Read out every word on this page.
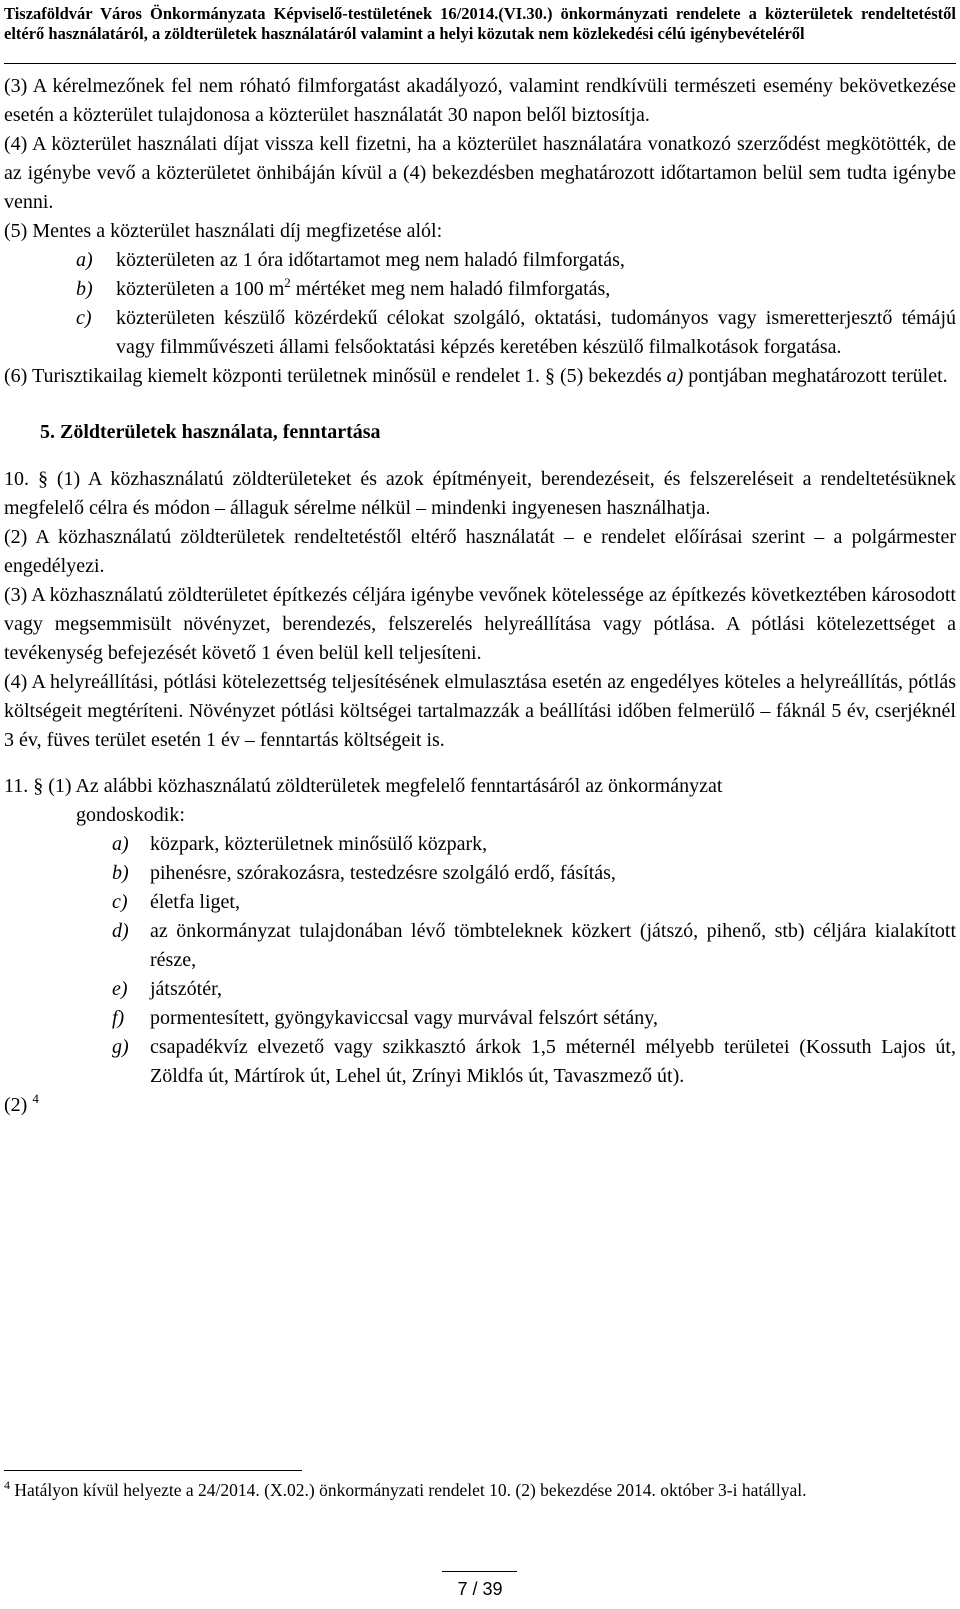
Tiszaföldvár Város Önkormányzata Képviselő-testületének 16/2014.(VI.30.) önkormányzati rendelete a közterületek rendeltetéstől eltérő használatáról, a zöldterületek használatáról valamint a helyi közutak nem közlekedési célú igénybevételéről

(3) A kérelmezőnek fel nem róható filmforgatást akadályozó, valamint rendkívüli természeti esemény bekövetkezése esetén a közterület tulajdonosa a közterület használatát 30 napon belől biztosítja.

(4) A közterület használati díjat vissza kell fizetni, ha a közterület használatára vonatkozó szerződést megkötötték, de az igénybe vevő a közterületet önhibáján kívül a (4) bekezdésben meghatározott időtartamon belül sem tudta igénybe venni.

(5) Mentes a közterület használati díj megfizetése alól:

a)	közterületen az 1 óra időtartamot meg nem haladó filmforgatás,
b)	közterületen a 100 $m^2$ mértéket meg nem haladó filmforgatás,
c)	közterületen készülő közérdekű célokat szolgáló, oktatási, tudományos vagy ismeretterjesztő témájú vagy filmművészeti állami felsőoktatási képzés keretében készülő filmalkotások forgatása.

(6) Turisztikailag kiemelt központi területnek minősül e rendelet 1. § (5) bekezdés a) pontjában meghatározott terület.

5. Zöldterületek használata, fenntartása

10. § (1) A közhasználatú zöldterületeket és azok építményeit, berendezéseit, és felszereléseit a rendeltetésüknek megfelelő célra és módon – állaguk sérelme nélkül – mindenki ingyenesen használhatja.

(2) A közhasználatú zöldterületek rendeltetéstől eltérő használatát – e rendelet előírásai szerint – a polgármester engedélyezi.

(3) A közhasználatú zöldterületet építkezés céljára igénybe vevőnek kötelessége az építkezés következtében károsodott vagy megsemmisült növényzet, berendezés, felszerelés helyreállítása vagy pótlása. A pótlási kötelezettséget a tevékenység befejezését követő 1 éven belül kell teljesíteni.

(4) A helyreállítási, pótlási kötelezettség teljesítésének elmulasztása esetén az engedélyes köteles a helyreállítás, pótlás költségeit megtéríteni. Növényzet pótlási költségei tartalmazzák a beállítási időben felmerülő – fáknál 5 év, cserjéknél 3 év, füves terület esetén 1 év – fenntartás költségeit is.

11. § (1) Az alábbi közhasználatú zöldterületek megfelelő fenntartásáról az önkormányzat

gondoskodik:

a)	közpark, közterületnek minősülő közpark,
b)	pihenésre, szórakozásra, testedzésre szolgáló erdő, fásítás,
c)	életfa liget,
d)	az önkormányzat tulajdonában lévő tömbteleknek közkert (játszó, pihenő, stb) céljára kialakított része,
e)	játszótér,
f)	pormentesített, gyöngykaviccsal vagy murvával felszórt sétány,
g)	csapadékvíz elvezető vagy szikkasztó árkok 1,5 méternél mélyebb területei (Kossuth Lajos út, Zöldfa út, Mártírok út, Lehel út, Zrínyi Miklós út, Tavaszmező út).

(2) $^4$

$^4$ Hatályon kívül helyezte a 24/2014. (X.02.) önkormányzati rendelet 10. (2) bekezdése 2014. október 3-i hatállyal.
7 / 39
